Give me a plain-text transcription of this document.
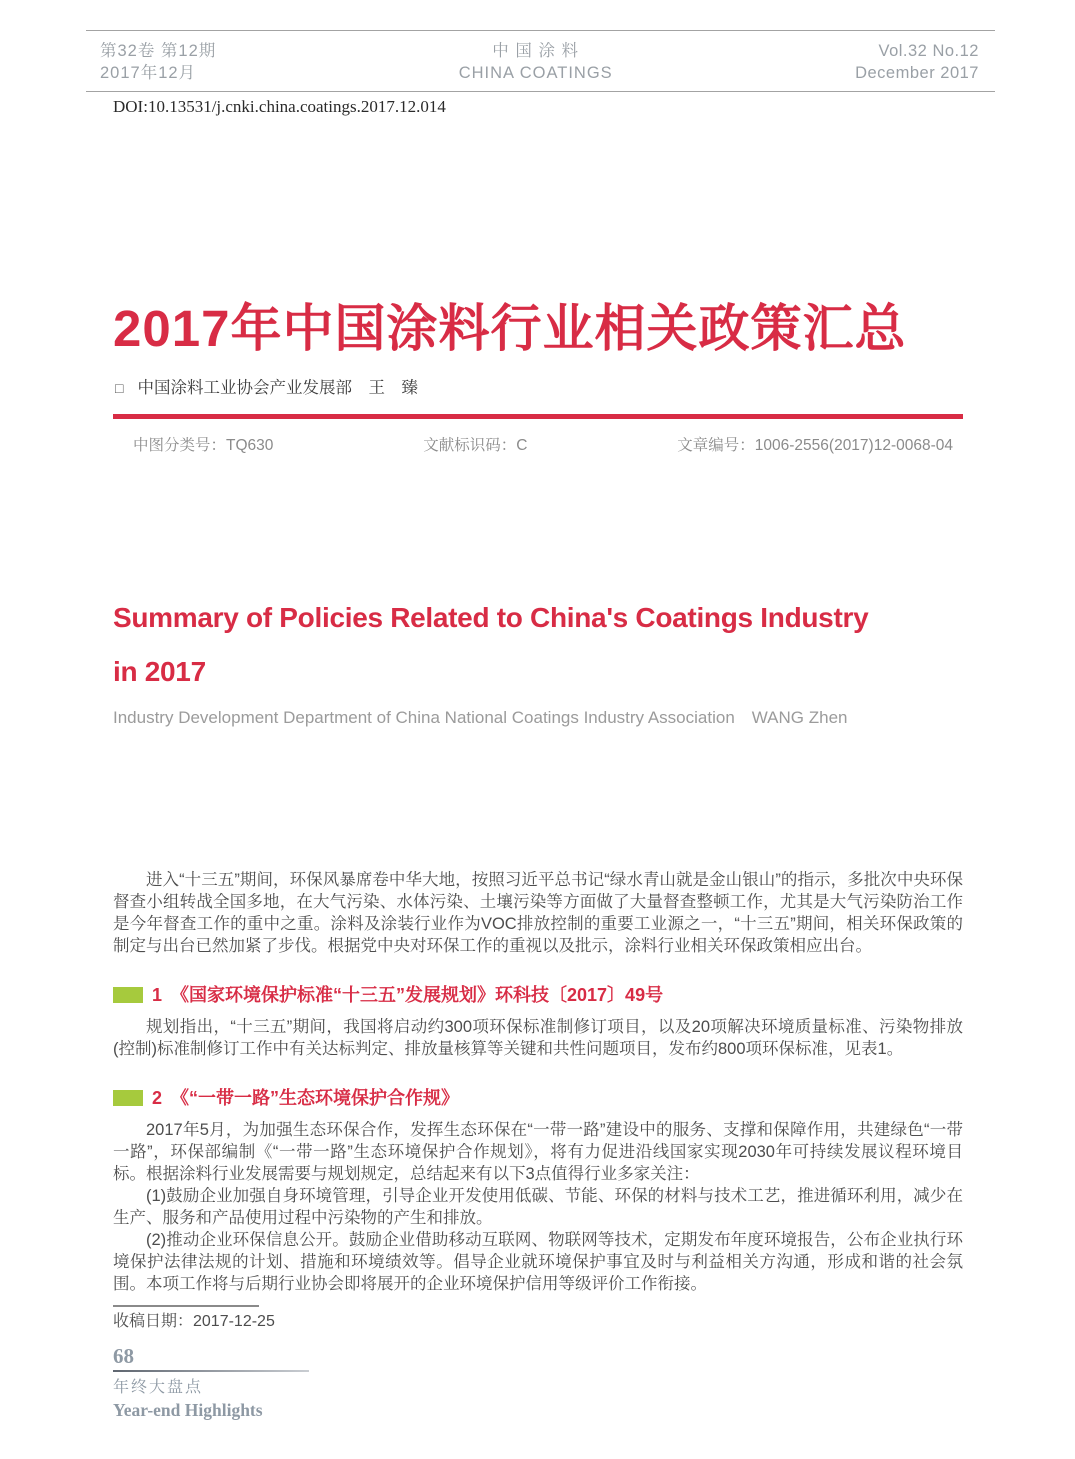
第32卷 第12期
2017年12月
中 国 涂 料
CHINA COATINGS
Vol.32 No.12
December 2017
DOI:10.13531/j.cnki.china.coatings.2017.12.014
2017年中国涂料行业相关政策汇总
□ 中国涂料工业协会产业发展部　王　臻
中图分类号：TQ630	文献标识码：C	文章编号：1006-2556(2017)12-0068-04
Summary of Policies Related to China's Coatings Industry
in 2017
Industry Development Department of China National Coatings Industry Association　WANG Zhen

进入“十三五”期间，环保风暴席卷中华大地，按照习近平总书记“绿水青山就是金山银山”的指示，多批次中央环保督查小组转战全国多地，在大气污染、水体污染、土壤污染等方面做了大量督查整顿工作，尤其是大气污染防治工作是今年督查工作的重中之重。涂料及涂装行业作为VOC排放控制的重要工业源之一，“十三五”期间，相关环保政策的制定与出台已然加紧了步伐。根据党中央对环保工作的重视以及批示，涂料行业相关环保政策相应出台。

1 《国家环境保护标准“十三五”发展规划》环科技〔2017〕49号

规划指出，“十三五”期间，我国将启动约300项环保标准制修订项目，以及20项解决环境质量标准、污染物排放(控制)标准制修订工作中有关达标判定、排放量核算等关键和共性问题项目，发布约800项环保标准，见表1。

2 《“一带一路”生态环境保护合作规》

2017年5月，为加强生态环保合作，发挥生态环保在“一带一路”建设中的服务、支撑和保障作用，共建绿色“一带一路”，环保部编制《“一带一路”生态环境保护合作规划》，将有力促进沿线国家实现2030年可持续发展议程环境目标。根据涂料行业发展需要与规划规定，总结起来有以下3点值得行业多家关注：

(1)鼓励企业加强自身环境管理，引导企业开发使用低碳、节能、环保的材料与技术工艺，推进循环利用，减少在生产、服务和产品使用过程中污染物的产生和排放。

(2)推动企业环保信息公开。鼓励企业借助移动互联网、物联网等技术，定期发布年度环境报告，公布企业执行环境保护法律法规的计划、措施和环境绩效等。倡导企业就环境保护事宜及时与利益相关方沟通，形成和谐的社会氛围。本项工作将与后期行业协会即将展开的企业环境保护信用等级评价工作衔接。

收稿日期：2017-12-25
68
年终大盘点
Year-end Highlights
